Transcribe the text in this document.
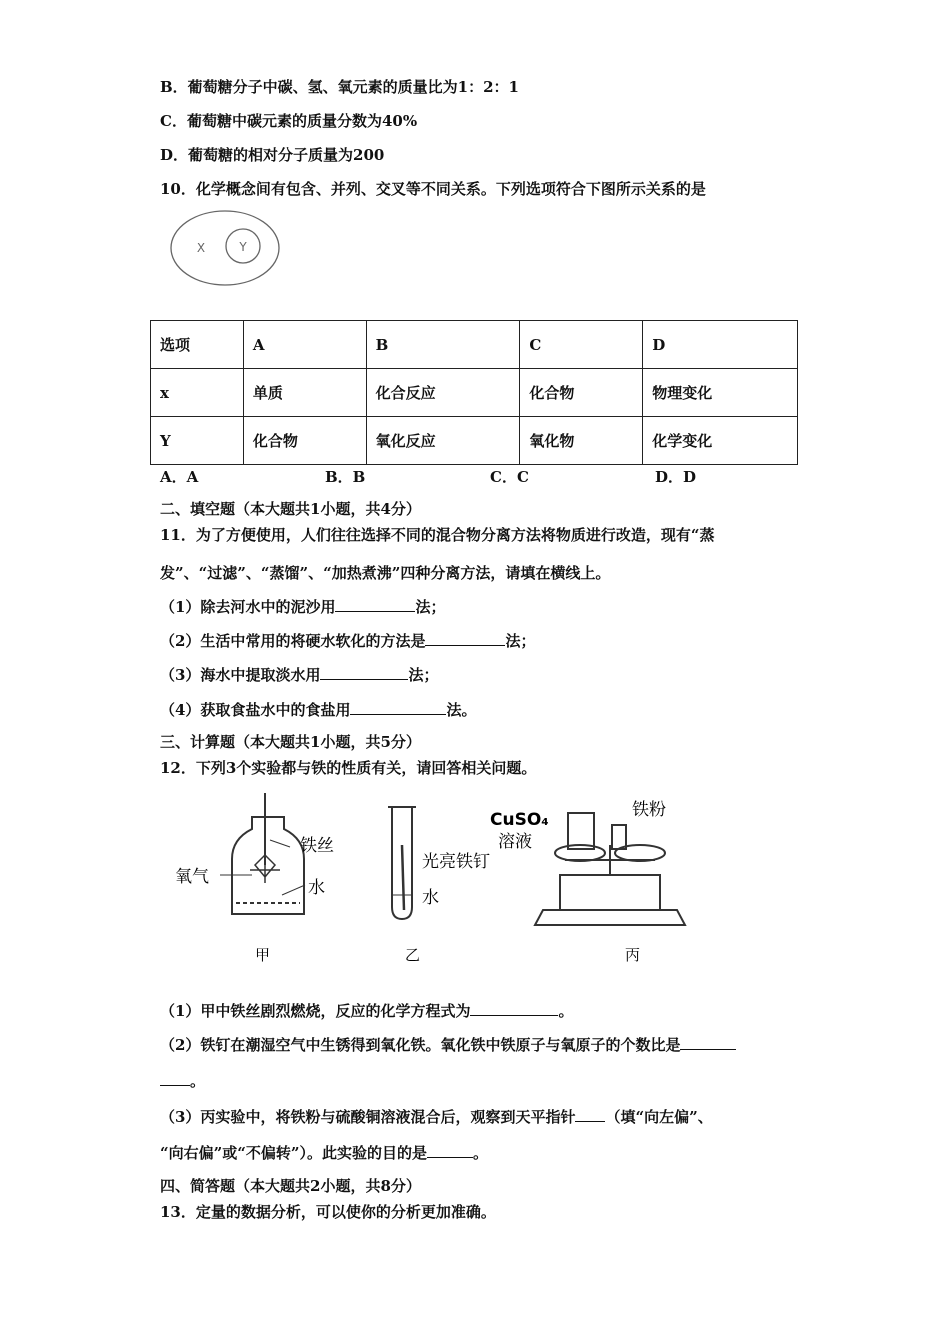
B．葡萄糖分子中碳、氢、氧元素的质量比为1：2：1
C．葡萄糖中碳元素的质量分数为40%
D．葡萄糖的相对分子质量为200
10．化学概念间有包含、并列、交叉等不同关系。下列选项符合下图所示关系的是
X	Y
选项	A	B	C	D
x	单质	化合反应	化合物	物理变化
Y	化合物	氧化反应	氧化物	化学变化
A．A	B．B	C．C	D．D
二、填空题（本大题共1小题，共4分）
11．为了方便使用，人们往往选择不同的混合物分离方法将物质进行改造，现有“蒸
发”、“过滤”、“蒸馏”、“加热煮沸”四种分离方法，请填在横线上。
（1）除去河水中的泥沙用	法；
（2）生活中常用的将硬水软化的方法是	法；
（3）海水中提取淡水用	法；
（4）获取食盐水中的食盐用	法。
三、计算题（本大题共1小题，共5分）
12．下列3个实验都与铁的性质有关，请回答相关问题。
铁丝
氧气
水
甲
光亮铁钉
水
乙
CuSO₄
溶液
铁粉
丙
（1）甲中铁丝剧烈燃烧，反应的化学方程式为	。
（2）铁钉在潮湿空气中生锈得到氧化铁。氧化铁中铁原子与氧原子的个数比是
。
（3）丙实验中，将铁粉与硫酸铜溶液混合后，观察到天平指针 （填“向左偏”、
“向右偏”或“不偏转”）。此实验的目的是	。
四、简答题（本大题共2小题，共8分）
13．定量的数据分析，可以使你的分析更加准确。
